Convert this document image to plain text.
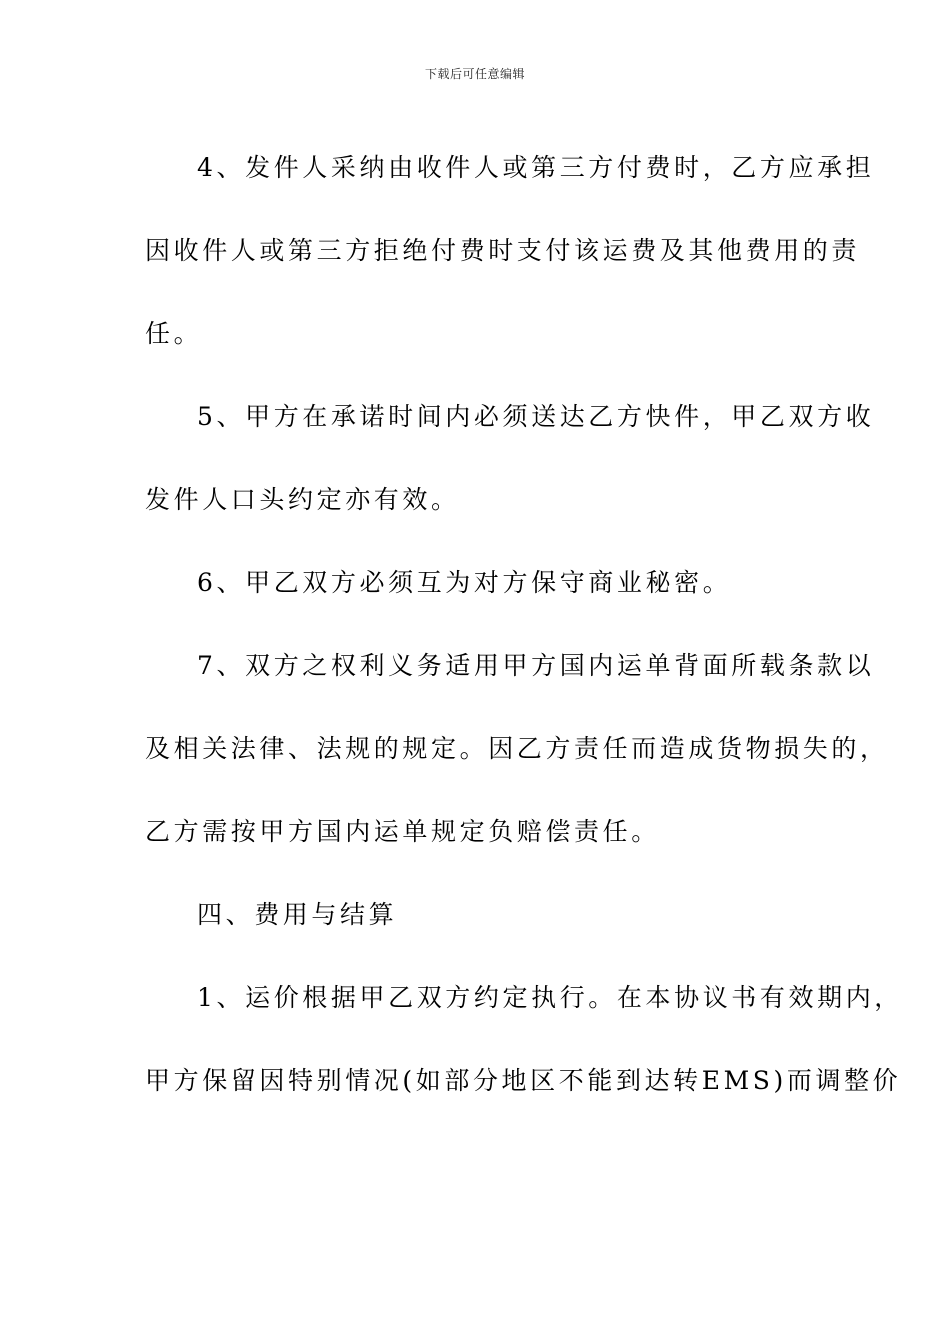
下载后可任意编辑
4、发件人采纳由收件人或第三方付费时，乙方应承担
因收件人或第三方拒绝付费时支付该运费及其他费用的责
任。
5、甲方在承诺时间内必须送达乙方快件，甲乙双方收
发件人口头约定亦有效。
6、甲乙双方必须互为对方保守商业秘密。
7、双方之权利义务适用甲方国内运单背面所载条款以
及相关法律、法规的规定。因乙方责任而造成货物损失的，
乙方需按甲方国内运单规定负赔偿责任。
四、费用与结算
1、运价根据甲乙双方约定执行。在本协议书有效期内，
甲方保留因特别情况(如部分地区不能到达转EMS)而调整价
